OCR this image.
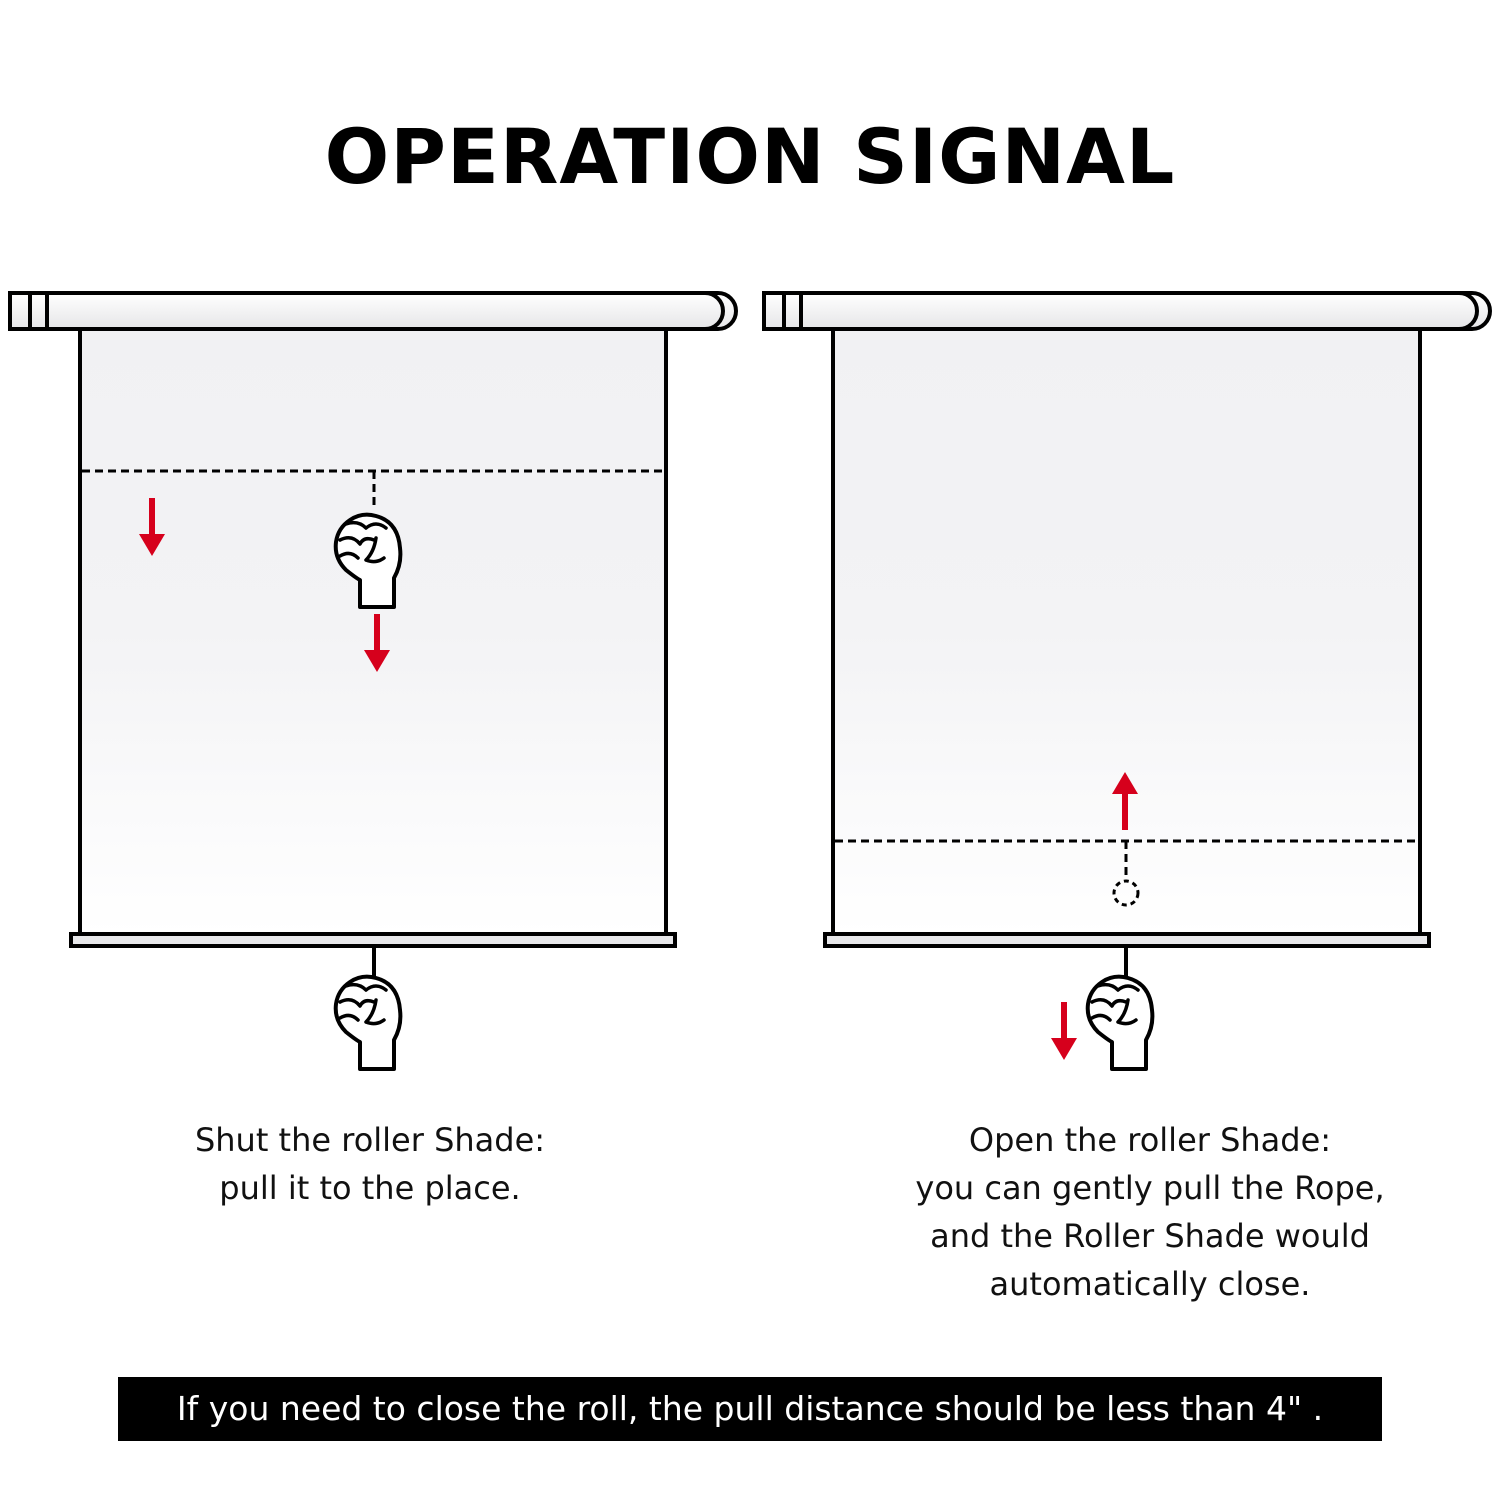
OPERATION SIGNAL
Shut the roller Shade:
pull it to the place.
Open the roller Shade:
you can gently pull the Rope,
and the Roller Shade would
automatically close.
If you need to close the roll, the pull distance should be less than 4" .
